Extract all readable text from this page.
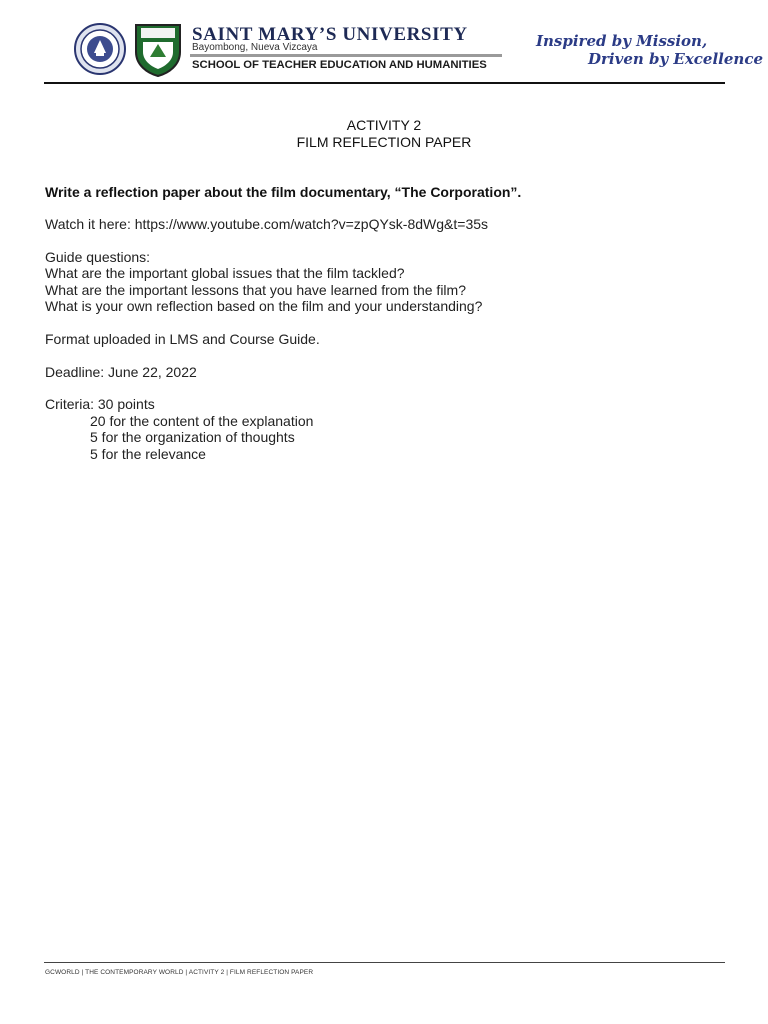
SAINT MARY’S UNIVERSITY
Bayombong, Nueva Vizcaya
SCHOOL OF TEACHER EDUCATION AND HUMANITIES
Inspired by Mission,
Driven by Excellence
ACTIVITY 2
FILM REFLECTION PAPER
Write a reflection paper about the film documentary, “The Corporation”.
Watch it here: https://www.youtube.com/watch?v=zpQYsk-8dWg&t=35s
Guide questions:
What are the important global issues that the film tackled?
What are the important lessons that you have learned from the film?
What is your own reflection based on the film and your understanding?
Format uploaded in LMS and Course Guide.
Deadline: June 22, 2022
Criteria: 30 points
20 for the content of the explanation
5 for the organization of thoughts
5 for the relevance
GCWORLD | THE CONTEMPORARY WORLD | ACTIVITY 2 | FILM REFLECTION PAPER
